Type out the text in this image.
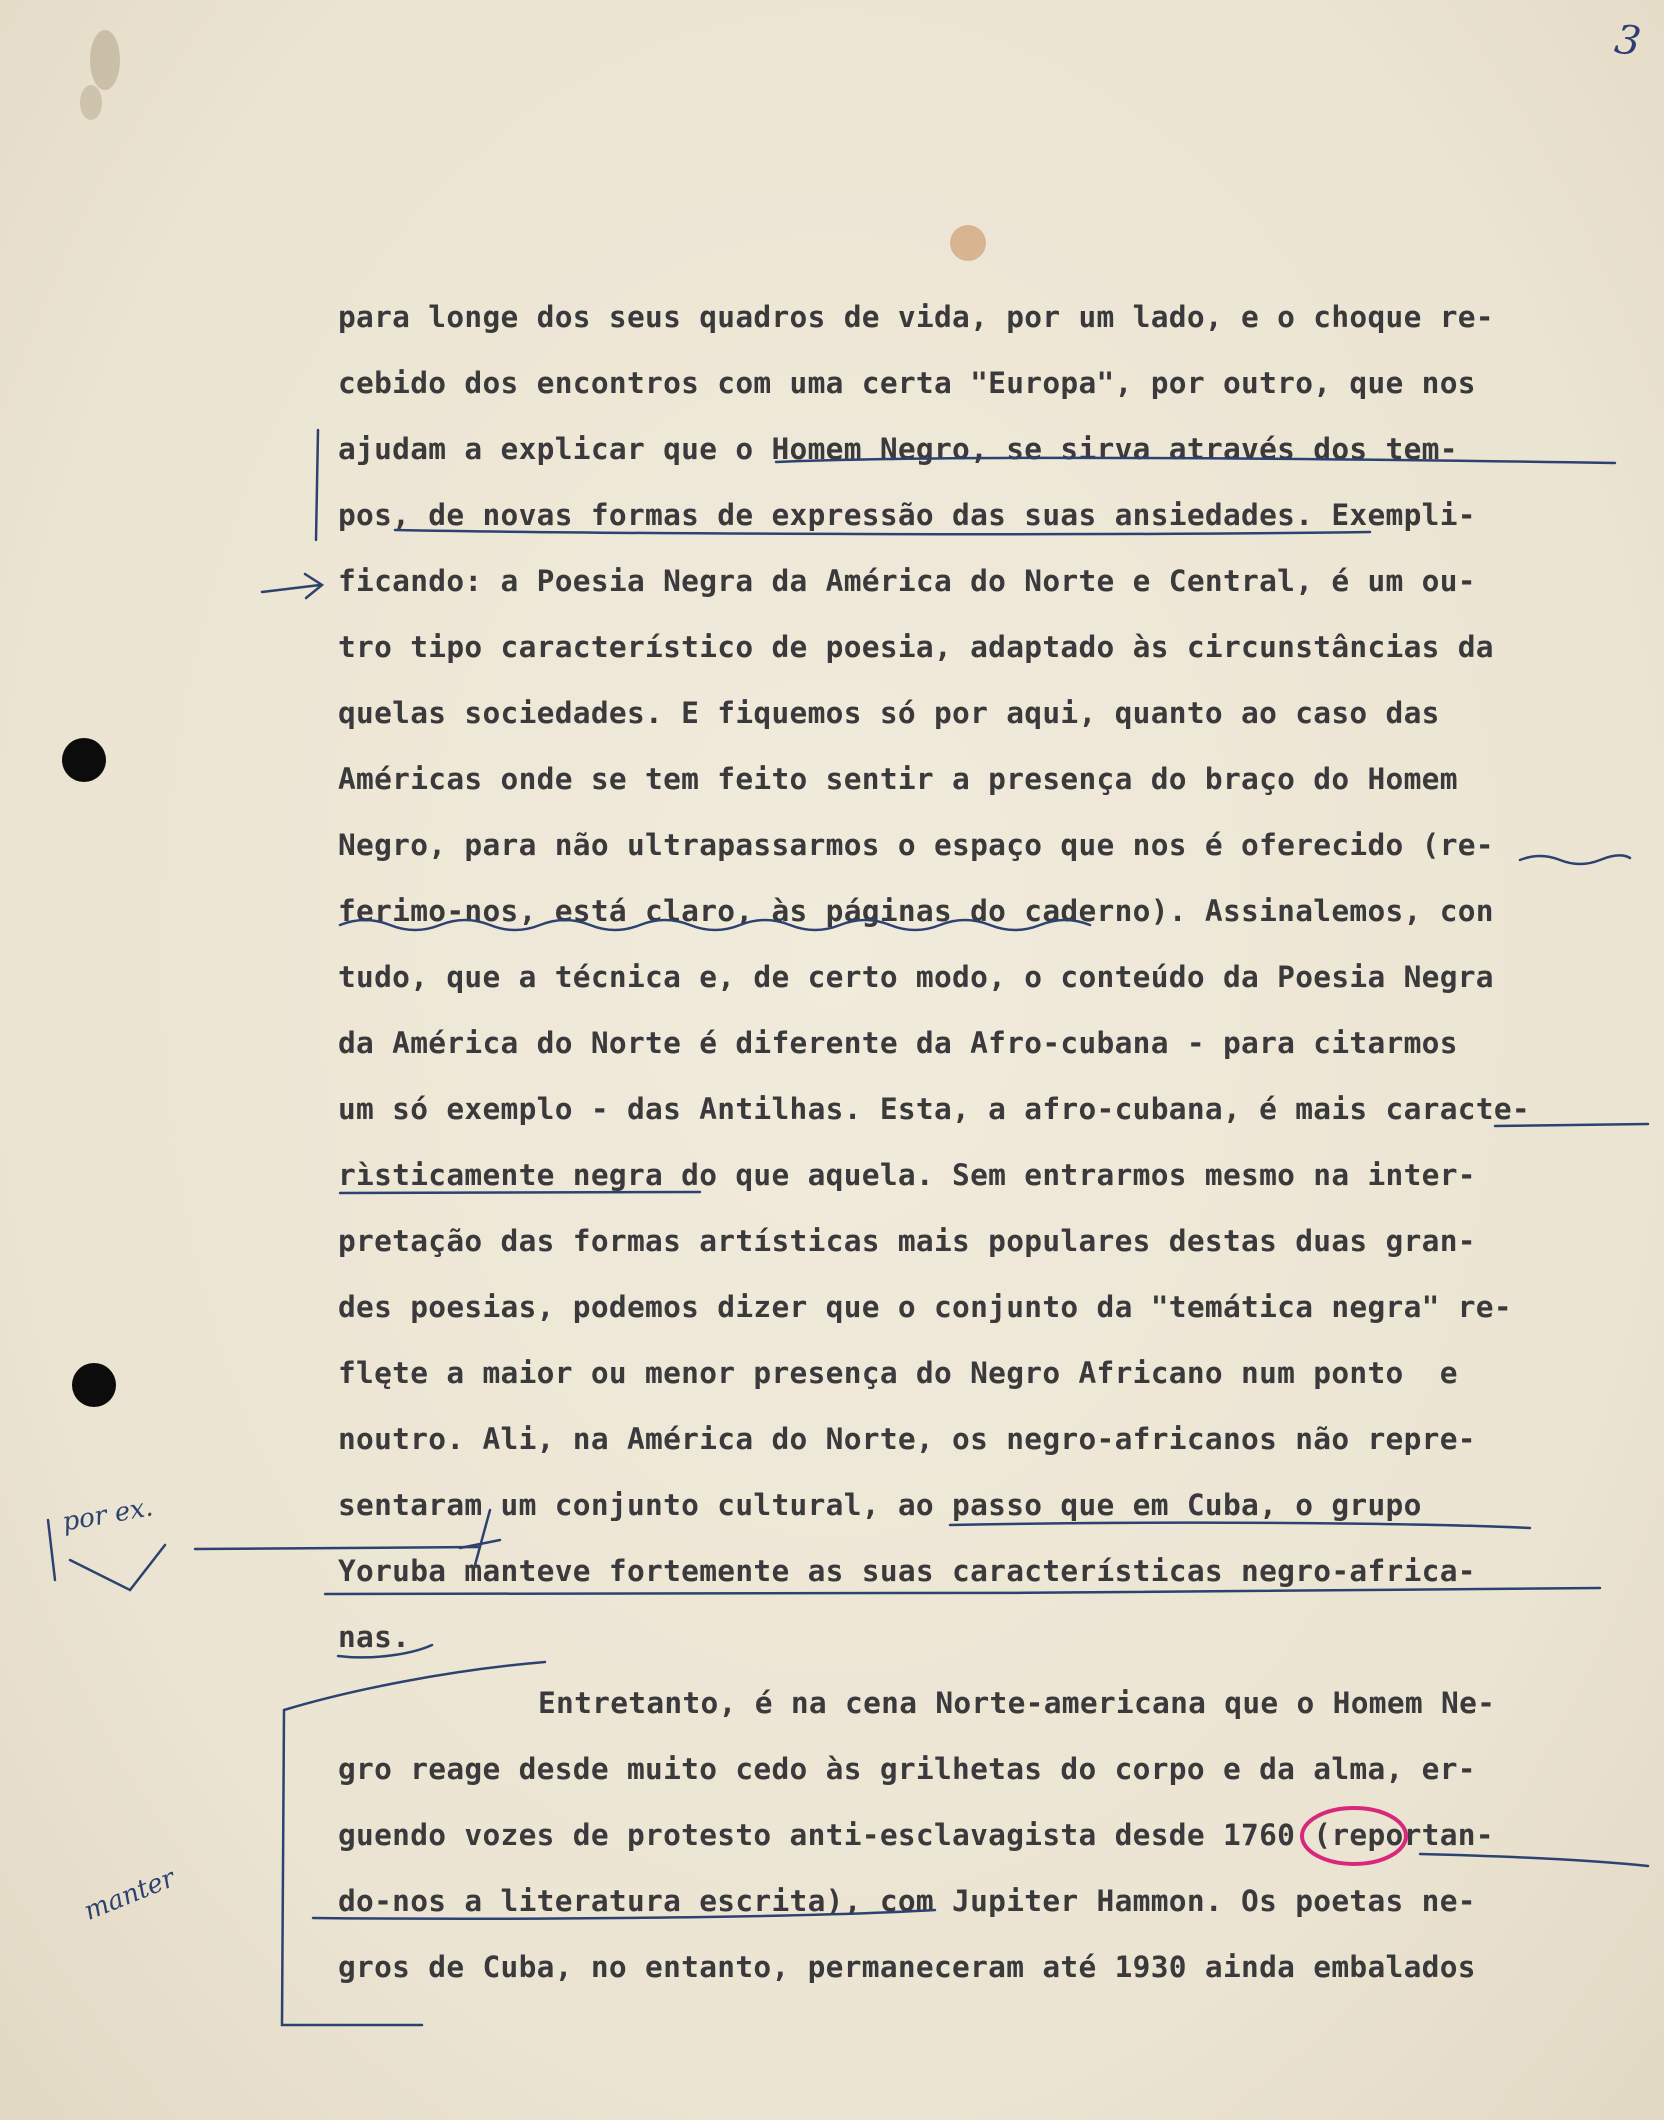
3
para longe dos seus quadros de vida, por um lado, e o choque re-
cebido dos encontros com uma certa "Europa", por outro, que nos
ajudam a explicar que o Homem Negro, se sirva através dos tem-
pos, de novas formas de expressão das suas ansiedades. Exempli-
ficando: a Poesia Negra da América do Norte e Central, é um ou-
tro tipo característico de poesia, adaptado às circunstâncias da
quelas sociedades. E fiquemos só por aqui, quanto ao caso das
Américas onde se tem feito sentir a presença do braço do Homem
Negro, para não ultrapassarmos o espaço que nos é oferecido (re-
ferimo-nos, está claro, às páginas do caderno). Assinalemos, con
tudo, que a técnica e, de certo modo, o conteúdo da Poesia Negra
da América do Norte é diferente da Afro-cubana - para citarmos
um só exemplo - das Antilhas. Esta, a afro-cubana, é mais caracte-
rìsticamente negra do que aquela. Sem entrarmos mesmo na inter-
pretação das formas artísticas mais populares destas duas gran-
des poesias, podemos dizer que o conjunto da "temática negra" re-
flęte a maior ou menor presença do Negro Africano num ponto  e
noutro. Ali, na América do Norte, os negro-africanos não repre-
sentaram um conjunto cultural, ao passo que em Cuba, o grupo
Yoruba manteve fortemente as suas características negro-africa-
nas.
Entretanto, é na cena Norte-americana que o Homem Ne-
gro reage desde muito cedo às grilhetas do corpo e da alma, er-
guendo vozes de protesto anti-esclavagista desde 1760 (reportan-
do-nos a literatura escrita), com Jupiter Hammon. Os poetas ne-
gros de Cuba, no entanto, permaneceram até 1930 ainda embalados
por ex.
manter
